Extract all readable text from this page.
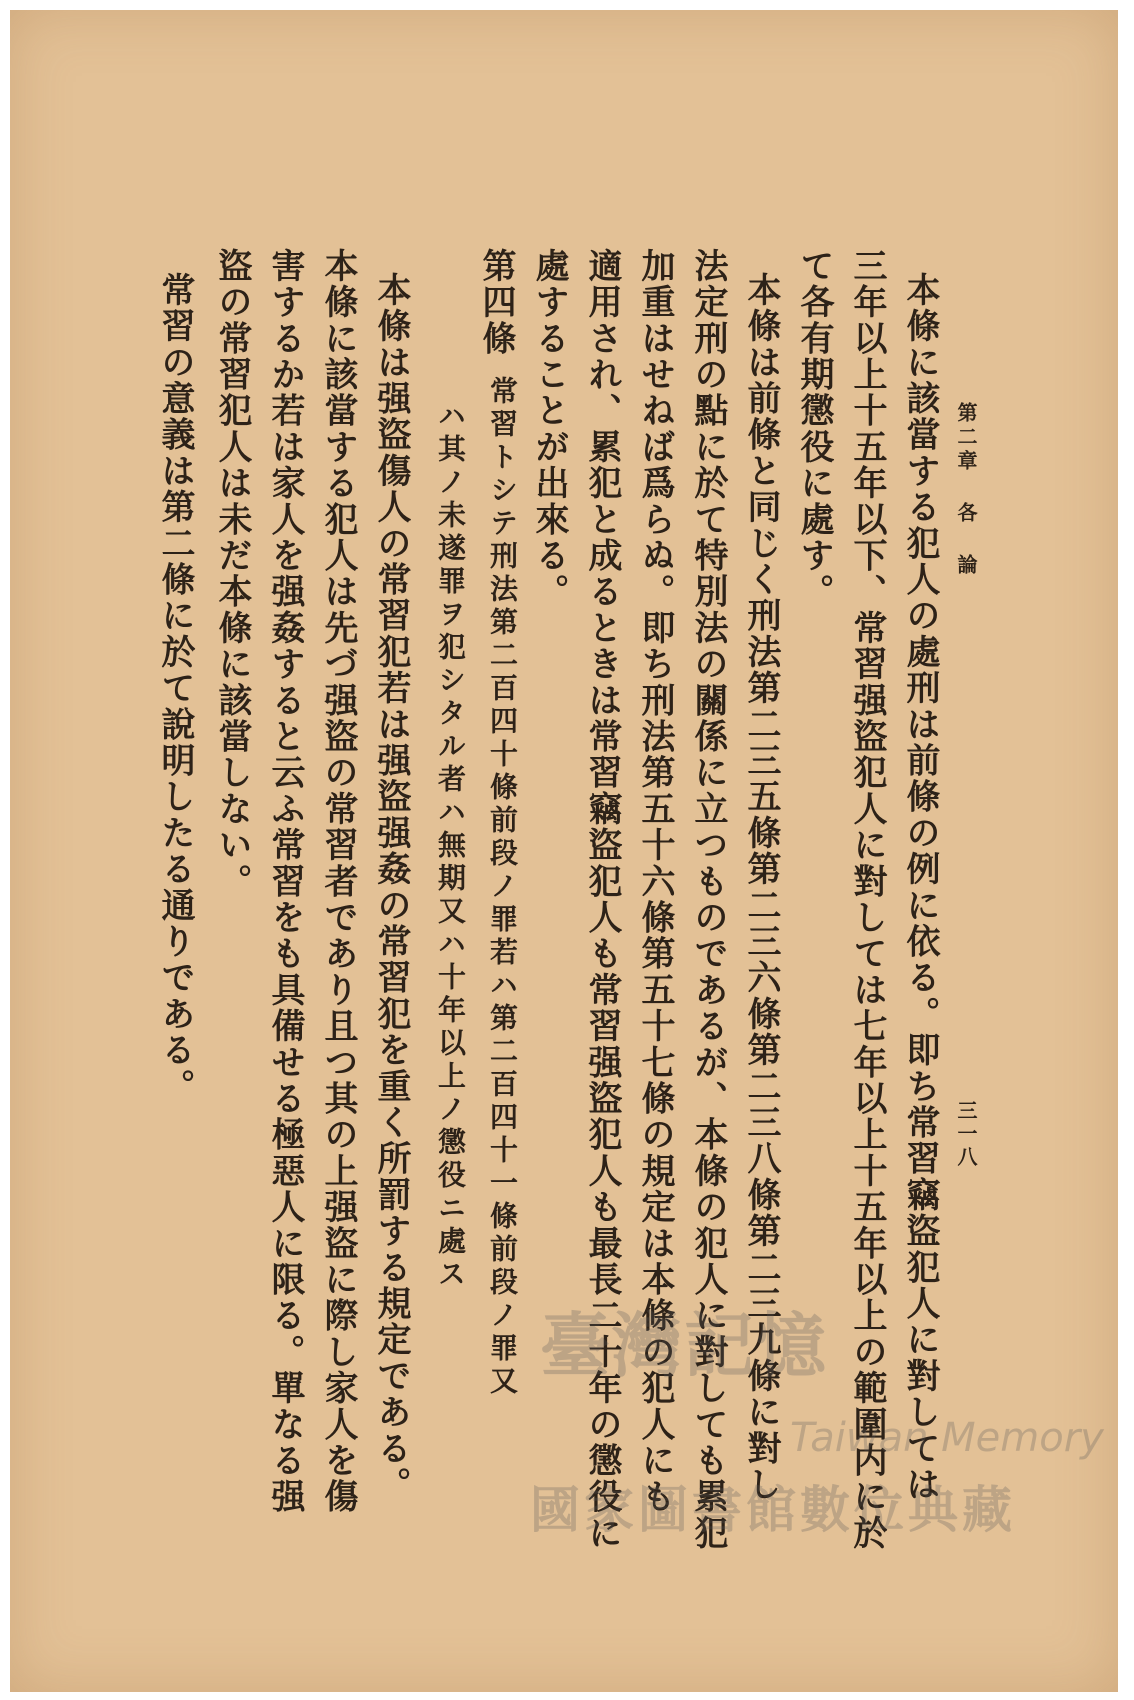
第二章 各 論
三一八
本條に該當する犯人の處刑は前條の例に依る。即ち常習竊盜犯人に對しては
三年以上十五年以下、常習强盜犯人に對しては七年以上十五年以上の範圍内に於
て各有期懲役に處す。
本條は前條と同じく刑法第二三五條第二三六條第二三八條第二三九條に對し
法定刑の點に於て特別法の關係に立つものであるが、本條の犯人に對しても累犯
加重はせねば爲らぬ。即ち刑法第五十六條第五十七條の規定は本條の犯人にも
適用され、累犯と成るときは常習竊盜犯人も常習强盜犯人も最長二十年の懲役に
處することが出來る。
第四條
常習トシテ刑法第二百四十條前段ノ罪若ハ第二百四十一條前段ノ罪又
ハ其ノ未遂罪ヲ犯シタル者ハ無期又ハ十年以上ノ懲役ニ處ス
本條は强盜傷人の常習犯若は强盜强姦の常習犯を重く所罰する規定である。
本條に該當する犯人は先づ强盜の常習者であり且つ其の上强盜に際し家人を傷
害するか若は家人を强姦すると云ふ常習をも具備せる極惡人に限る。單なる强
盜の常習犯人は未だ本條に該當しない。
常習の意義は第二條に於て說明したる通りである。
臺灣記憶
Taiwan Memory
國家圖書館數位典藏
